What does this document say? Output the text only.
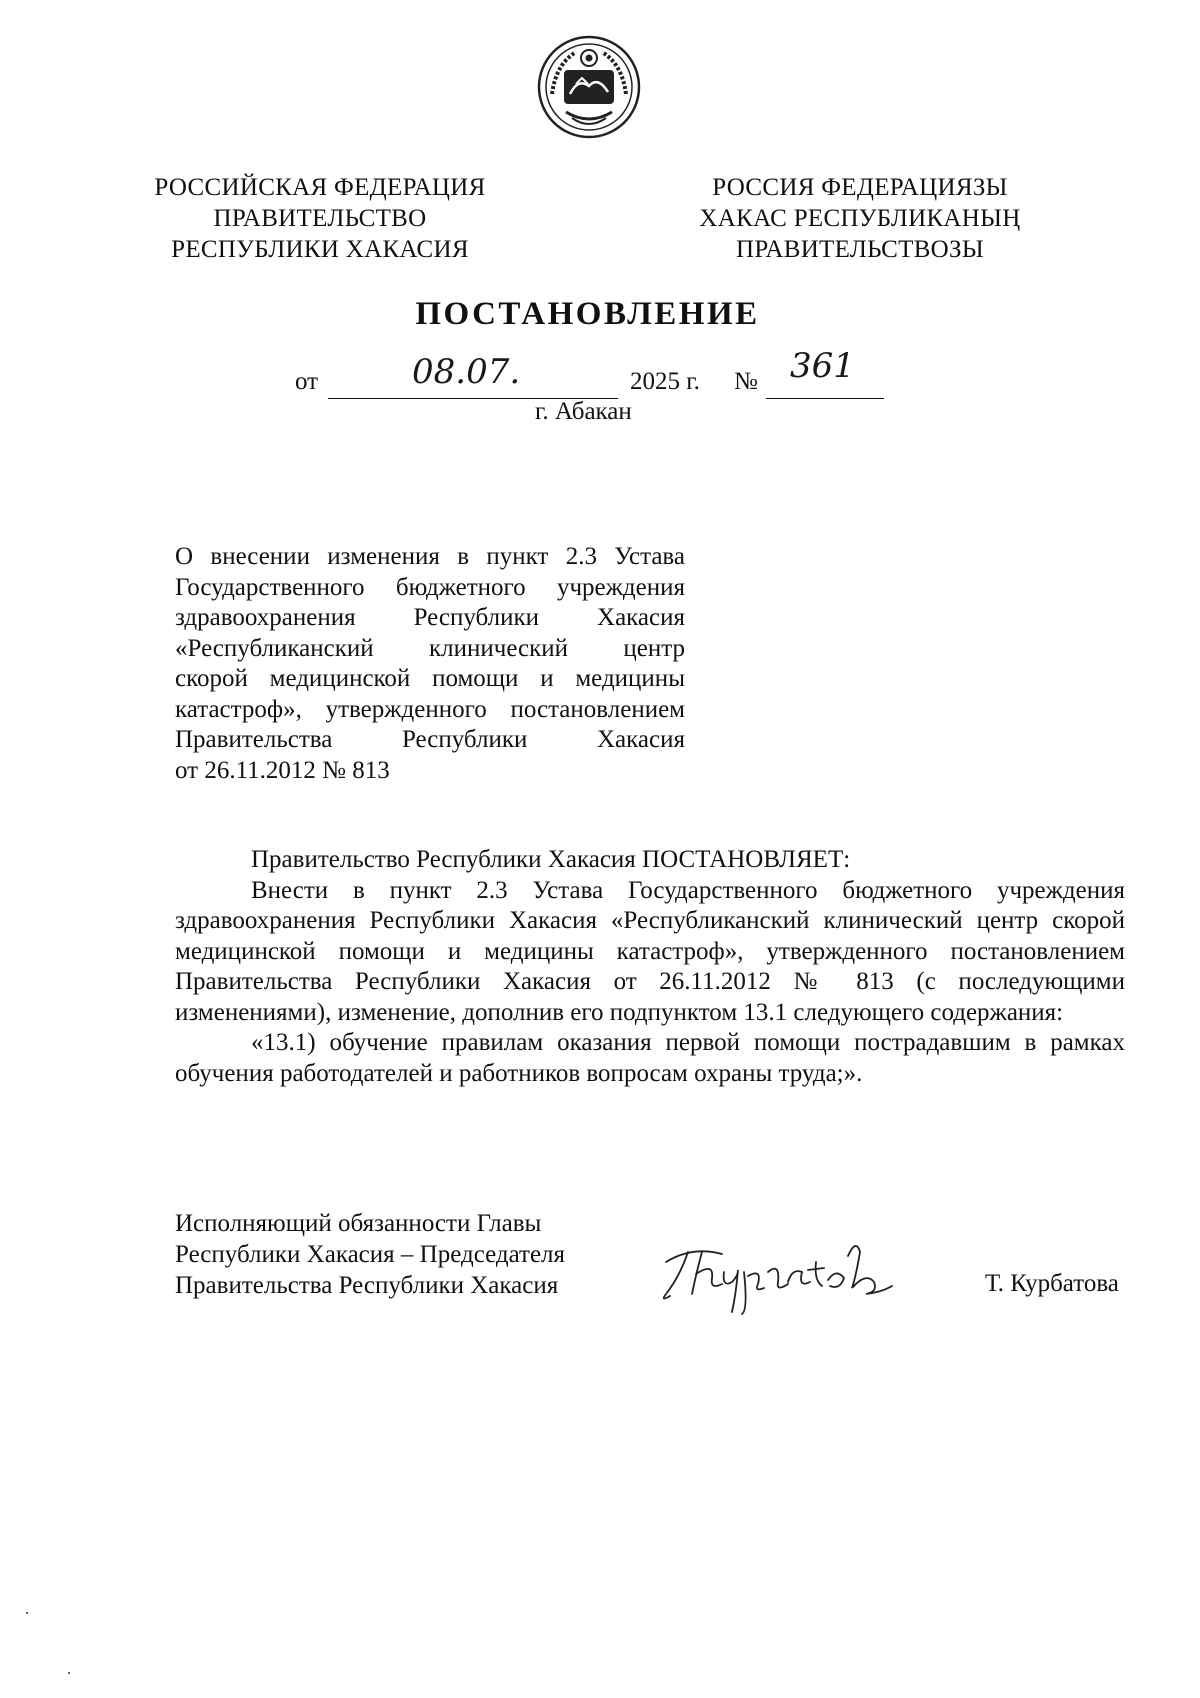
РОССИЙСКАЯ ФЕДЕРАЦИЯ
ПРАВИТЕЛЬСТВО
РЕСПУБЛИКИ ХАКАСИЯ
РОССИЯ ФЕДЕРАЦИЯЗЫ
ХАКАС РЕСПУБЛИКАНЫҢ
ПРАВИТЕЛЬСТВОЗЫ
ПОСТАНОВЛЕНИЕ
от	08.07.	2025 г. № 361
г. Абакан
О внесении изменения в пункт 2.3 Устава
Государственного бюджетного учреждения
здравоохранения Республики Хакасия
«Республиканский клинический центр
скорой медицинской помощи и медицины
катастроф», утвержденного постановлением
Правительства Республики Хакасия
от 26.11.2012 № 813
Правительство Республики Хакасия ПОСТАНОВЛЯЕТ:
Внести в пункт 2.3 Устава Государственного бюджетного учреждения здравоохранения Республики Хакасия «Республиканский клинический центр скорой медицинской помощи и медицины катастроф», утвержденного постановлением Правительства Республики Хакасия от 26.11.2012 № 813 (с последующими изменениями), изменение, дополнив его подпунктом 13.1 следующего содержания:
«13.1) обучение правилам оказания первой помощи пострадавшим в рамках обучения работодателей и работников вопросам охраны труда;».
Исполняющий обязанности Главы
Республики Хакасия – Председателя
Правительства Республики Хакасия	Т. Курбатова
